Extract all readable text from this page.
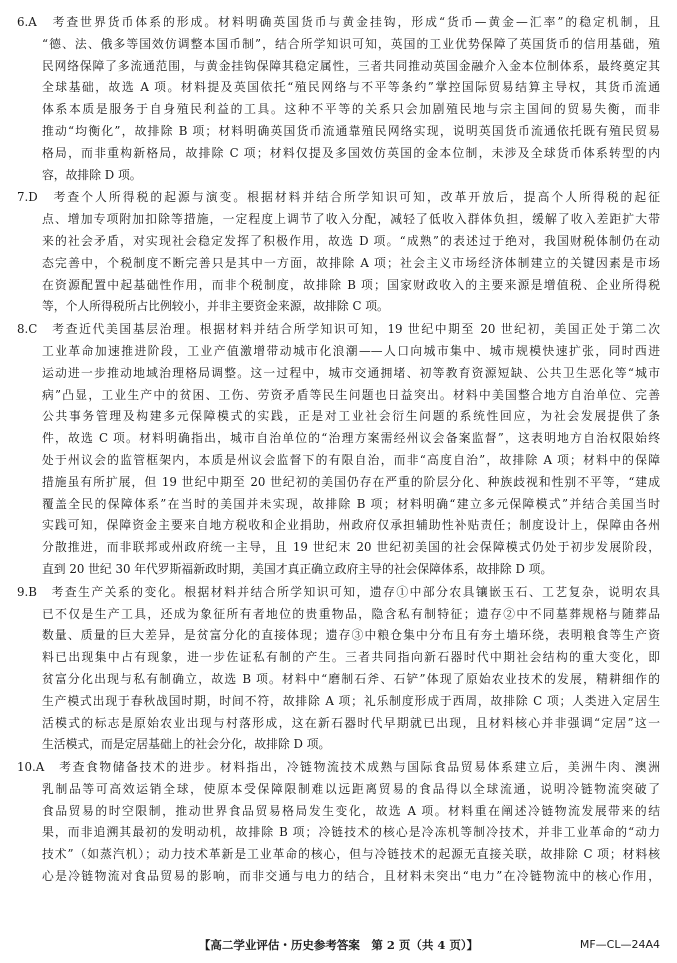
6.A　考查世界货币体系的形成。材料明确英国货币与黄金挂钩，形成“货币—黄金—汇率”的稳定机制，且
“德、法、俄多等国效仿调整本国币制”，结合所学知识可知，英国的工业优势保障了英国货币的信用基础，殖
民网络保障了多流通范围，与黄金挂钩保障其稳定属性，三者共同推动英国金融介入金本位制体系，最终奠定其
全球基础，故选 A 项。材料提及英国依托“殖民网络与不平等条约”掌控国际贸易结算主导权，其货币流通
体系本质是服务于自身殖民利益的工具。这种不平等的关系只会加剧殖民地与宗主国间的贸易失衡，而非
推动“均衡化”，故排除 B 项；材料明确英国货币流通靠殖民网络实现，说明英国货币流通依托既有殖民贸易
格局，而非重构新格局，故排除 C 项；材料仅提及多国效仿英国的金本位制，未涉及全球货币体系转型的内
容，故排除 D 项。
7.D　考查个人所得税的起源与演变。根据材料并结合所学知识可知，改革开放后，提高个人所得税的起征
点、增加专项附加扣除等措施，一定程度上调节了收入分配，减轻了低收入群体负担，缓解了收入差距扩大带
来的社会矛盾，对实现社会稳定发挥了积极作用，故选 D 项。“成熟”的表述过于绝对，我国财税体制仍在动
态完善中，个税制度不断完善只是其中一方面，故排除 A 项；社会主义市场经济体制建立的关键因素是市场
在资源配置中起基础性作用，而非个税制度，故排除 B 项；国家财政收入的主要来源是增值税、企业所得税
等，个人所得税所占比例较小，并非主要资金来源，故排除 C 项。
8.C　考查近代美国基层治理。根据材料并结合所学知识可知，19 世纪中期至 20 世纪初，美国正处于第二次
工业革命加速推进阶段，工业产值激增带动城市化浪潮——人口向城市集中、城市规模快速扩张，同时西进
运动进一步推动地域治理格局调整。这一过程中，城市交通拥堵、初等教育资源短缺、公共卫生恶化等“城市
病”凸显，工业生产中的贫困、工伤、劳资矛盾等民生问题也日益突出。材料中美国整合地方自治单位、完善
公共事务管理及构建多元保障模式的实践，正是对工业社会衍生问题的系统性回应，为社会发展提供了条
件，故选 C 项。材料明确指出，城市自治单位的“治理方案需经州议会备案监督”，这表明地方自治权限始终
处于州议会的监管框架内，本质是州议会监督下的有限自治，而非“高度自治”，故排除 A 项；材料中的保障
措施虽有所扩展，但 19 世纪中期至 20 世纪初的美国仍存在严重的阶层分化、种族歧视和性别不平等，“建成
覆盖全民的保障体系”在当时的美国并未实现，故排除 B 项；材料明确“建立多元保障模式”并结合美国当时
实践可知，保障资金主要来自地方税收和企业捐助，州政府仅承担辅助性补贴责任；制度设计上，保障由各州
分散推进，而非联邦或州政府统一主导，且 19 世纪末 20 世纪初美国的社会保障模式仍处于初步发展阶段，
直到 20 世纪 30 年代罗斯福新政时期，美国才真正确立政府主导的社会保障体系，故排除 D 项。
9.B　考查生产关系的变化。根据材料并结合所学知识可知，遗存①中部分农具镶嵌玉石、工艺复杂，说明农具
已不仅是生产工具，还成为象征所有者地位的贵重物品，隐含私有制特征；遗存②中不同墓葬规格与随葬品
数量、质量的巨大差异，是贫富分化的直接体现；遗存③中粮仓集中分布且有夯土墙环绕，表明粮食等生产资
料已出现集中占有现象，进一步佐证私有制的产生。三者共同指向新石器时代中期社会结构的重大变化，即
贫富分化出现与私有制确立，故选 B 项。材料中“磨制石斧、石铲”体现了原始农业技术的发展，精耕细作的
生产模式出现于春秋战国时期，时间不符，故排除 A 项；礼乐制度形成于西周，故排除 C 项；人类进入定居生
活模式的标志是原始农业出现与村落形成，这在新石器时代早期就已出现，且材料核心并非强调“定居”这一
生活模式，而是定居基础上的社会分化，故排除 D 项。
10.A　考查食物储备技术的进步。材料指出，冷链物流技术成熟与国际食品贸易体系建立后，美洲牛肉、澳洲
乳制品等可高效运销全球，使原本受保障限制难以远距离贸易的食品得以全球流通，说明冷链物流突破了
食品贸易的时空限制，推动世界食品贸易格局发生变化，故选 A 项。材料重在阐述冷链物流发展带来的结
果，而非追溯其最初的发明动机，故排除 B 项；冷链技术的核心是冷冻机等制冷技术，并非工业革命的“动力
技术”（如蒸汽机）；动力技术革新是工业革命的核心，但与冷链技术的起源无直接关联，故排除 C 项；材料核
心是冷链物流对食品贸易的影响，而非交通与电力的结合，且材料未突出“电力”在冷链物流中的核心作用，
【高二学业评估・历史参考答案　第 2 页（共 4 页）】	MF—CL—24A4
